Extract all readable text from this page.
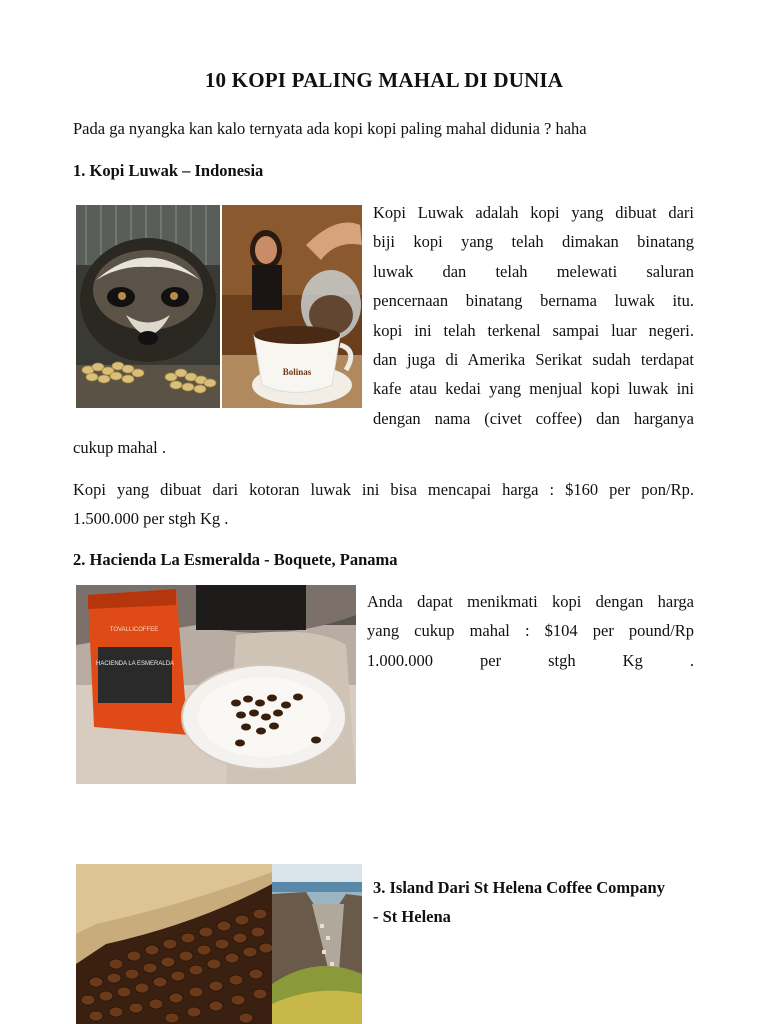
10 KOPI PALING MAHAL DI DUNIA
Pada ga nyangka kan kalo ternyata ada kopi kopi paling mahal didunia ? haha
1. Kopi Luwak – Indonesia
Bolinas
Kopi Luwak adalah kopi yang dibuat dari
biji kopi yang telah dimakan binatang
luwak dan telah melewati saluran
pencernaan binatang bernama luwak itu.
kopi ini telah terkenal sampai luar negeri.
dan juga di Amerika Serikat sudah terdapat
kafe atau kedai yang menjual kopi luwak ini
dengan nama (civet coffee) dan harganya
cukup mahal .
Kopi yang dibuat dari kotoran luwak ini bisa mencapai harga : $160 per pon/Rp.
1.500.000 per stgh Kg .
2. Hacienda La Esmeralda - Boquete, Panama
TOVALLICOFFEE
HACIENDA LA ESMERALDA
Anda dapat menikmati kopi dengan harga
yang cukup mahal : $104 per pound/Rp
1.000.000 per stgh Kg .
3. Island Dari St Helena Coffee Company
- St Helena
